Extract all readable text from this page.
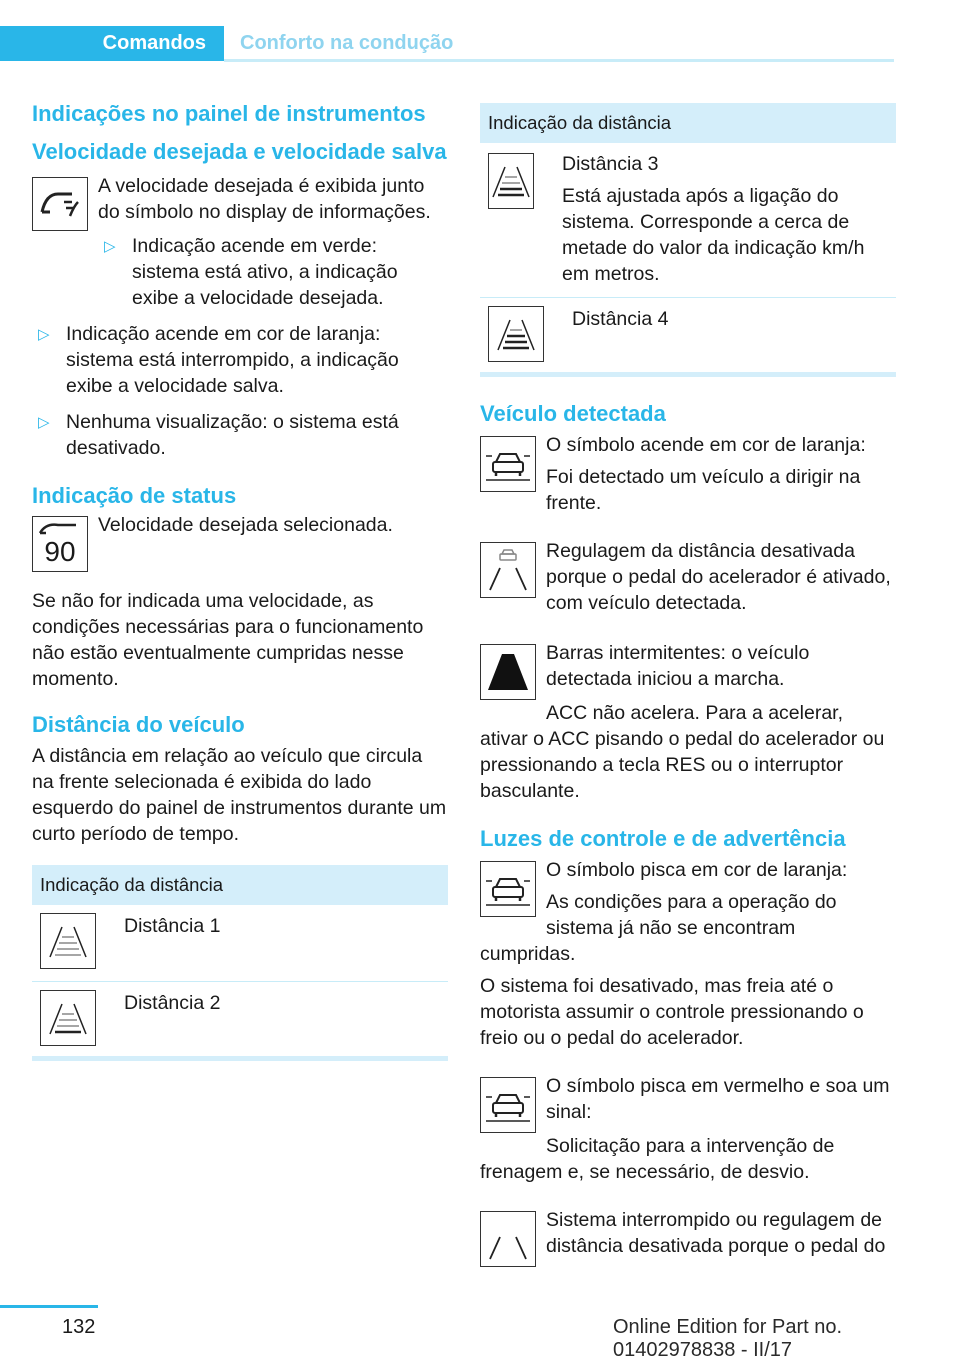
Comandos	Conforto na condução
Indicações no painel de instrumentos
Velocidade desejada e velocidade salva

A velocidade desejada é exibida junto do símbolo no display de informações.

▷ Indicação acende em verde: sistema está ativo, a indicação exibe a velocidade desejada.
▷ Indicação acende em cor de laranja: sistema está interrompido, a indicação exibe a velocidade salva.
▷ Nenhuma visualização: o sistema está desativado.
Indicação de status
90

Velocidade desejada selecionada.

Se não for indicada uma velocidade, as condições necessárias para o funcionamento não estão eventualmente cumpridas nesse momento.

Distância do veículo

A distância em relação ao veículo que circula na frente selecionada é exibida do lado esquerdo do painel de instrumentos durante um curto período de tempo.

Indicação da distância
Distância 1
Distância 2
Indicação da distância

Distância 3

Está ajustada após a ligação do sistema. Corresponde a cerca de metade do valor da indicação km/h em metros.

Distância 4
Veículo detectada

O símbolo acende em cor de laranja:

Foi detectado um veículo a dirigir na frente.

Regulagem da distância desativada porque o pedal do acelerador é ativado, com veículo detectada.

Barras intermitentes: o veículo detectada iniciou a marcha.

ACC não acelera. Para a acelerar, ativar o ACC pisando o pedal do acelerador ou pressionando a tecla RES ou o interruptor basculante.

Luzes de controle e de advertência

O símbolo pisca em cor de laranja:

As condições para a operação do sistema já não se encontram cumpridas.

O sistema foi desativado, mas freia até o motorista assumir o controle pressionando o freio ou o pedal do acelerador.

O símbolo pisca em vermelho e soa um sinal:

Solicitação para a intervenção de frenagem e, se necessário, de desvio.

Sistema interrompido ou regulagem de distância desativada porque o pedal do

132	Online Edition for Part no. 01402978838 - II/17
